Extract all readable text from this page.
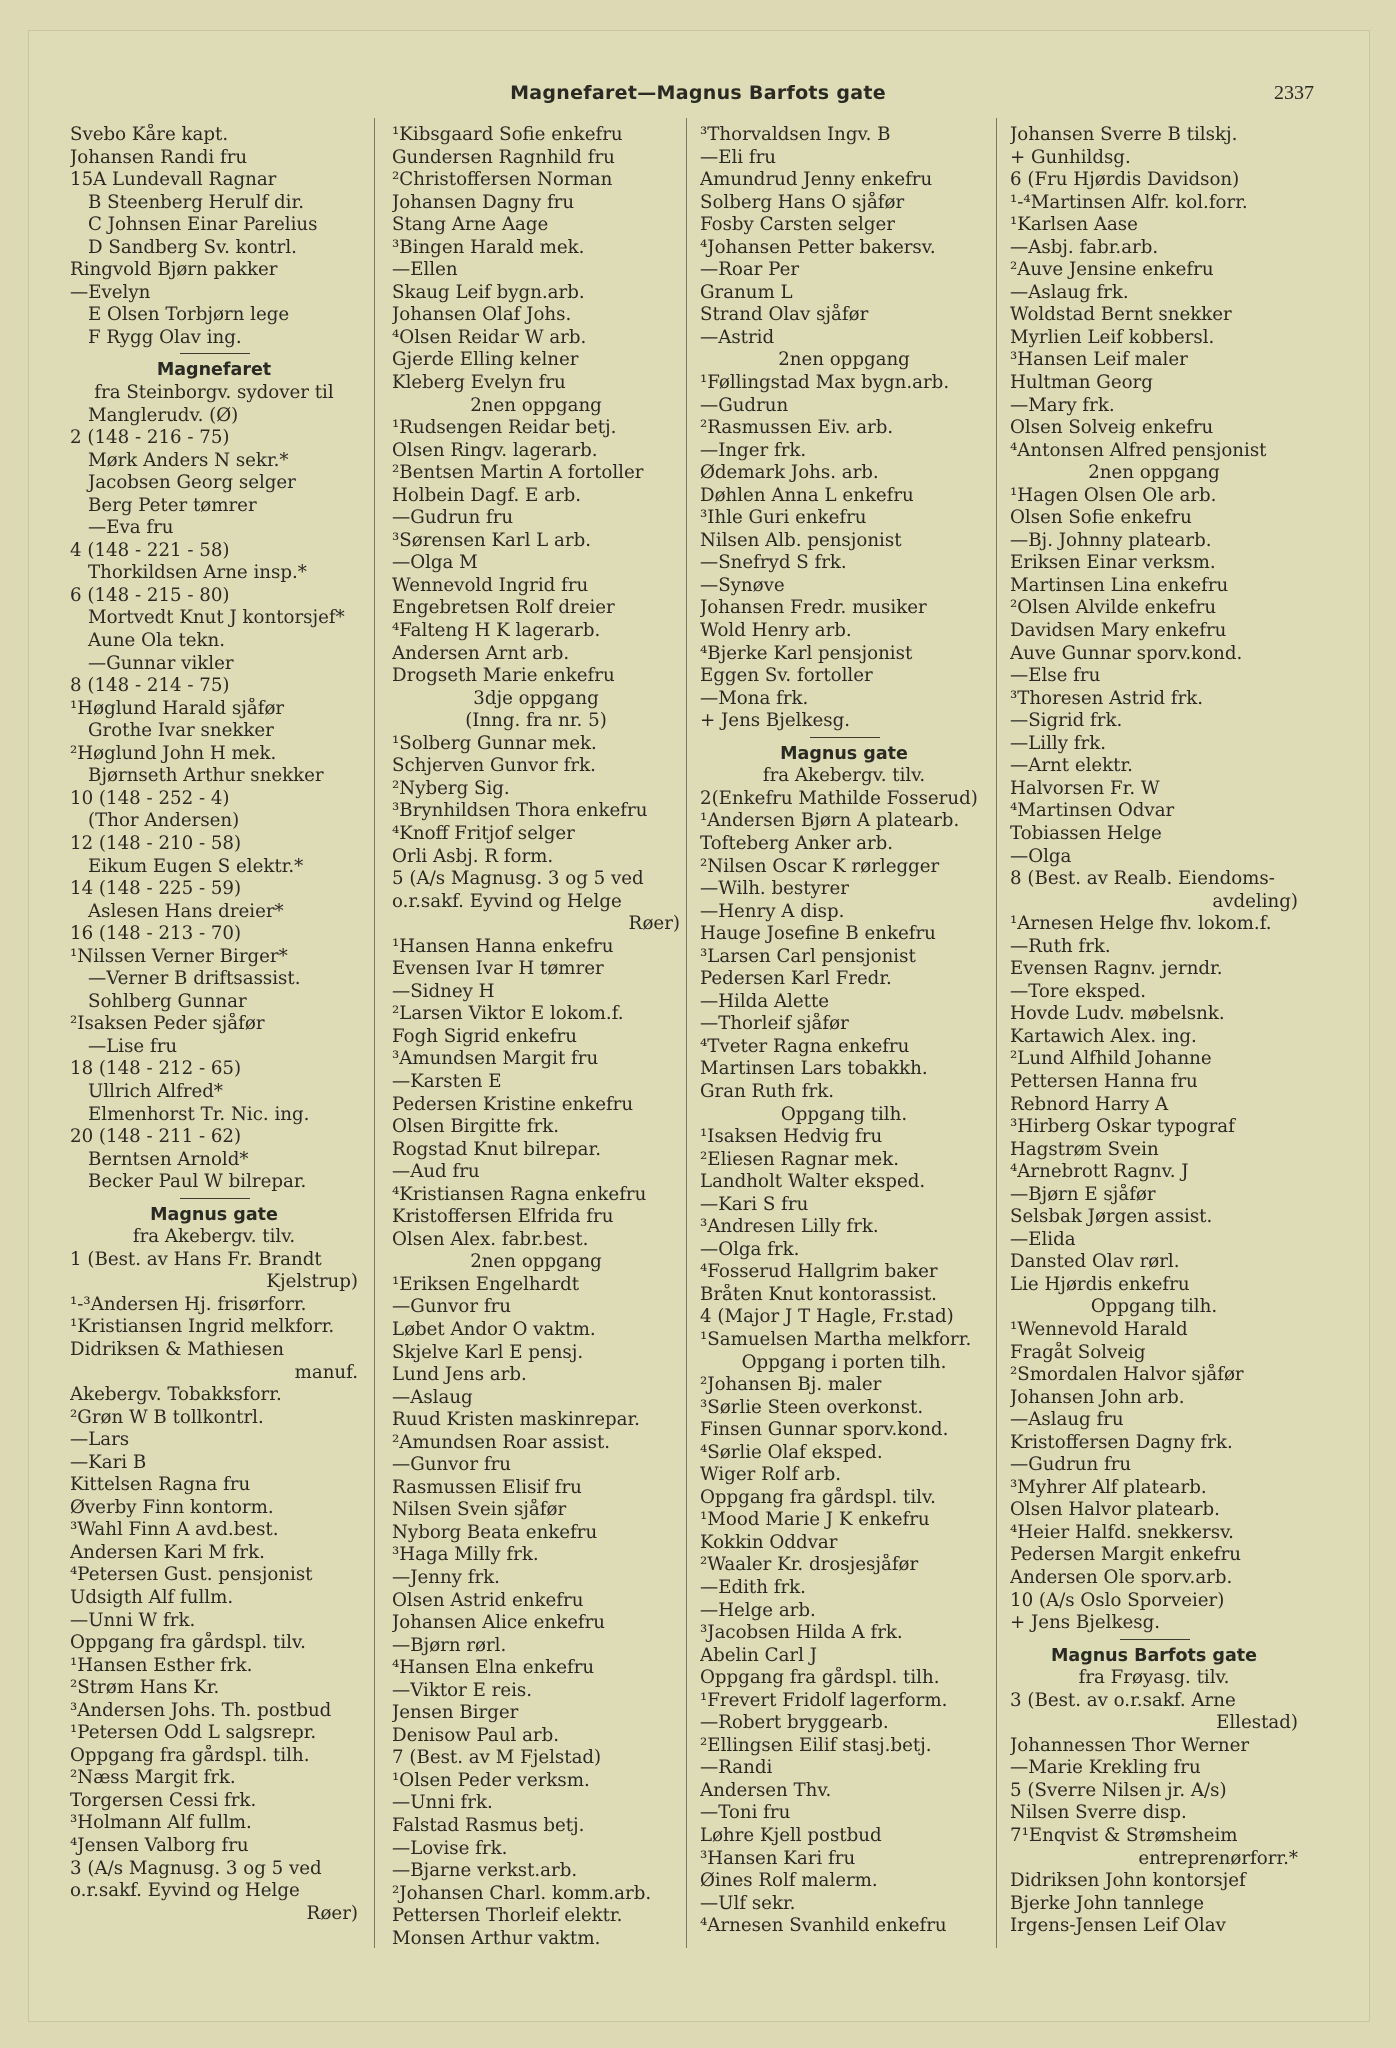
Magnefaret—Magnus Barfots gate	2337
Svebo Kåre kapt.
Johansen Randi fru
15A Lundevall Ragnar
B Steenberg Herulf dir.
C Johnsen Einar Parelius
D Sandberg Sv. kontrl.
Ringvold Bjørn pakker
—Evelyn
E Olsen Torbjørn lege
F Rygg Olav ing.
Magnefaret
fra Steinborgv. sydover til
Manglerudv. (Ø)
2 (148 - 216 - 75)
Mørk Anders N sekr.*
Jacobsen Georg selger
Berg Peter tømrer
—Eva fru
4 (148 - 221 - 58)
Thorkildsen Arne insp.*
6 (148 - 215 - 80)
Mortvedt Knut J kontorsjef*
Aune Ola tekn.
—Gunnar vikler
8 (148 - 214 - 75)
¹Høglund Harald sjåfør
Grothe Ivar snekker
²Høglund John H mek.
Bjørnseth Arthur snekker
10 (148 - 252 - 4)
(Thor Andersen)
12 (148 - 210 - 58)
Eikum Eugen S elektr.*
14 (148 - 225 - 59)
Aslesen Hans dreier*
16 (148 - 213 - 70)
¹Nilssen Verner Birger*
—Verner B driftsassist.
Sohlberg Gunnar
²Isaksen Peder sjåfør
—Lise fru
18 (148 - 212 - 65)
Ullrich Alfred*
Elmenhorst Tr. Nic. ing.
20 (148 - 211 - 62)
Berntsen Arnold*
Becker Paul W bilrepar.
Magnus gate
fra Akebergv. tilv.
1 (Best. av Hans Fr. Brandt
Kjelstrup)
¹-³Andersen Hj. frisørforr.
¹Kristiansen Ingrid melkforr.
Didriksen & Mathiesen
manuf.
Akebergv. Tobakksforr.
²Grøn W B tollkontrl.
—Lars
—Kari B
Kittelsen Ragna fru
Øverby Finn kontorm.
³Wahl Finn A avd.best.
Andersen Kari M frk.
⁴Petersen Gust. pensjonist
Udsigth Alf fullm.
—Unni W frk.
Oppgang fra gårdspl. tilv.
¹Hansen Esther frk.
²Strøm Hans Kr.
³Andersen Johs. Th. postbud
¹Petersen Odd L salgsrepr.
Oppgang fra gårdspl. tilh.
²Næss Margit frk.
Torgersen Cessi frk.
³Holmann Alf fullm.
⁴Jensen Valborg fru
3 (A/s Magnusg. 3 og 5 ved
o.r.sakf. Eyvind og Helge
Røer)
¹Kibsgaard Sofie enkefru
Gundersen Ragnhild fru
²Christoffersen Norman
Johansen Dagny fru
Stang Arne Aage
³Bingen Harald mek.
—Ellen
Skaug Leif bygn.arb.
Johansen Olaf Johs.
⁴Olsen Reidar W arb.
Gjerde Elling kelner
Kleberg Evelyn fru
2nen oppgang
¹Rudsengen Reidar betj.
Olsen Ringv. lagerarb.
²Bentsen Martin A fortoller
Holbein Dagf. E arb.
—Gudrun fru
³Sørensen Karl L arb.
—Olga M
Wennevold Ingrid fru
Engebretsen Rolf dreier
⁴Falteng H K lagerarb.
Andersen Arnt arb.
Drogseth Marie enkefru
3dje oppgang
(Inng. fra nr. 5)
¹Solberg Gunnar mek.
Schjerven Gunvor frk.
²Nyberg Sig.
³Brynhildsen Thora enkefru
⁴Knoff Fritjof selger
Orli Asbj. R form.
5 (A/s Magnusg. 3 og 5 ved
o.r.sakf. Eyvind og Helge
Røer)
¹Hansen Hanna enkefru
Evensen Ivar H tømrer
—Sidney H
²Larsen Viktor E lokom.f.
Fogh Sigrid enkefru
³Amundsen Margit fru
—Karsten E
Pedersen Kristine enkefru
Olsen Birgitte frk.
Rogstad Knut bilrepar.
—Aud fru
⁴Kristiansen Ragna enkefru
Kristoffersen Elfrida fru
Olsen Alex. fabr.best.
2nen oppgang
¹Eriksen Engelhardt
—Gunvor fru
Løbet Andor O vaktm.
Skjelve Karl E pensj.
Lund Jens arb.
—Aslaug
Ruud Kristen maskinrepar.
²Amundsen Roar assist.
—Gunvor fru
Rasmussen Elisif fru
Nilsen Svein sjåfør
Nyborg Beata enkefru
³Haga Milly frk.
—Jenny frk.
Olsen Astrid enkefru
Johansen Alice enkefru
—Bjørn rørl.
⁴Hansen Elna enkefru
—Viktor E reis.
Jensen Birger
Denisow Paul arb.
7 (Best. av M Fjelstad)
¹Olsen Peder verksm.
—Unni frk.
Falstad Rasmus betj.
—Lovise frk.
—Bjarne verkst.arb.
²Johansen Charl. komm.arb.
Pettersen Thorleif elektr.
Monsen Arthur vaktm.
³Thorvaldsen Ingv. B
—Eli fru
Amundrud Jenny enkefru
Solberg Hans O sjåfør
Fosby Carsten selger
⁴Johansen Petter bakersv.
—Roar Per
Granum L
Strand Olav sjåfør
—Astrid
2nen oppgang
¹Føllingstad Max bygn.arb.
—Gudrun
²Rasmussen Eiv. arb.
—Inger frk.
Ødemark Johs. arb.
Døhlen Anna L enkefru
³Ihle Guri enkefru
Nilsen Alb. pensjonist
—Snefryd S frk.
—Synøve
Johansen Fredr. musiker
Wold Henry arb.
⁴Bjerke Karl pensjonist
Eggen Sv. fortoller
—Mona frk.
+ Jens Bjelkesg.
Magnus gate
fra Akebergv. tilv.
2(Enkefru Mathilde Fosserud)
¹Andersen Bjørn A platearb.
Tofteberg Anker arb.
²Nilsen Oscar K rørlegger
—Wilh. bestyrer
—Henry A disp.
Hauge Josefine B enkefru
³Larsen Carl pensjonist
Pedersen Karl Fredr.
—Hilda Alette
—Thorleif sjåfør
⁴Tveter Ragna enkefru
Martinsen Lars tobakkh.
Gran Ruth frk.
Oppgang tilh.
¹Isaksen Hedvig fru
²Eliesen Ragnar mek.
Landholt Walter eksped.
—Kari S fru
³Andresen Lilly frk.
—Olga frk.
⁴Fosserud Hallgrim baker
Bråten Knut kontorassist.
4 (Major J T Hagle, Fr.stad)
¹Samuelsen Martha melkforr.
Oppgang i porten tilh.
²Johansen Bj. maler
³Sørlie Steen overkonst.
Finsen Gunnar sporv.kond.
⁴Sørlie Olaf eksped.
Wiger Rolf arb.
Oppgang fra gårdspl. tilv.
¹Mood Marie J K enkefru
Kokkin Oddvar
²Waaler Kr. drosjesjåfør
—Edith frk.
—Helge arb.
³Jacobsen Hilda A frk.
Abelin Carl J
Oppgang fra gårdspl. tilh.
¹Frevert Fridolf lagerform.
—Robert bryggearb.
²Ellingsen Eilif stasj.betj.
—Randi
Andersen Thv.
—Toni fru
Løhre Kjell postbud
³Hansen Kari fru
Øines Rolf malerm.
—Ulf sekr.
⁴Arnesen Svanhild enkefru
Johansen Sverre B tilskj.
+ Gunhildsg.
6 (Fru Hjørdis Davidson)
¹-⁴Martinsen Alfr. kol.forr.
¹Karlsen Aase
—Asbj. fabr.arb.
²Auve Jensine enkefru
—Aslaug frk.
Woldstad Bernt snekker
Myrlien Leif kobbersl.
³Hansen Leif maler
Hultman Georg
—Mary frk.
Olsen Solveig enkefru
⁴Antonsen Alfred pensjonist
2nen oppgang
¹Hagen Olsen Ole arb.
Olsen Sofie enkefru
—Bj. Johnny platearb.
Eriksen Einar verksm.
Martinsen Lina enkefru
²Olsen Alvilde enkefru
Davidsen Mary enkefru
Auve Gunnar sporv.kond.
—Else fru
³Thoresen Astrid frk.
—Sigrid frk.
—Lilly frk.
—Arnt elektr.
Halvorsen Fr. W
⁴Martinsen Odvar
Tobiassen Helge
—Olga
8 (Best. av Realb. Eiendoms-
avdeling)
¹Arnesen Helge fhv. lokom.f.
—Ruth frk.
Evensen Ragnv. jerndr.
—Tore eksped.
Hovde Ludv. møbelsnk.
Kartawich Alex. ing.
²Lund Alfhild Johanne
Pettersen Hanna fru
Rebnord Harry A
³Hirberg Oskar typograf
Hagstrøm Svein
⁴Arnebrott Ragnv. J
—Bjørn E sjåfør
Selsbak Jørgen assist.
—Elida
Dansted Olav rørl.
Lie Hjørdis enkefru
Oppgang tilh.
¹Wennevold Harald
Fragåt Solveig
²Smordalen Halvor sjåfør
Johansen John arb.
—Aslaug fru
Kristoffersen Dagny frk.
—Gudrun fru
³Myhrer Alf platearb.
Olsen Halvor platearb.
⁴Heier Halfd. snekkersv.
Pedersen Margit enkefru
Andersen Ole sporv.arb.
10 (A/s Oslo Sporveier)
+ Jens Bjelkesg.
Magnus Barfots gate
fra Frøyasg. tilv.
3 (Best. av o.r.sakf. Arne
Ellestad)
Johannessen Thor Werner
—Marie Krekling fru
5 (Sverre Nilsen jr. A/s)
Nilsen Sverre disp.
7¹Enqvist & Strømsheim
entreprenørforr.*
Didriksen John kontorsjef
Bjerke John tannlege
Irgens-Jensen Leif Olav
